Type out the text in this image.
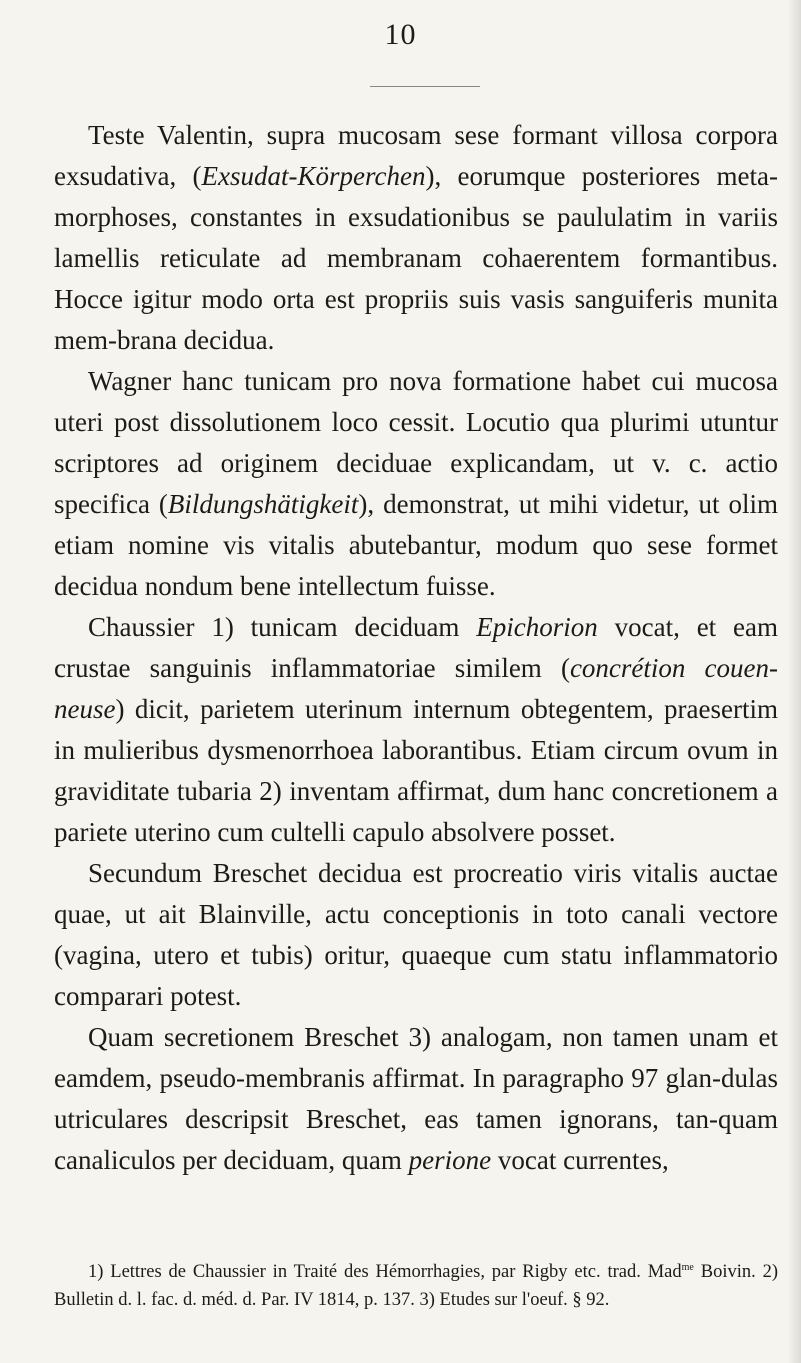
10

Teste Valentin, supra mucosam sese formant villosa corpora exsudativa, (Exsudat-Körperchen), eorumque posteriores meta-morphoses, constantes in exsudationibus se paululatim in variis lamellis reticulate ad membranam cohaerentem formantibus. Hocce igitur modo orta est propriis suis vasis sanguiferis munita mem-brana decidua.

Wagner hanc tunicam pro nova formatione habet cui mucosa uteri post dissolutionem loco cessit. Locutio qua plurimi utuntur scriptores ad originem deciduae explicandam, ut v. c. actio specifica (Bildungshätigkeit), demonstrat, ut mihi videtur, ut olim etiam nomine vis vitalis abutebantur, modum quo sese formet decidua nondum bene intellectum fuisse.

Chaussier 1) tunicam deciduam Epichorion vocat, et eam crustae sanguinis inflammatoriae similem (concrétion couen-neuse) dicit, parietem uterinum internum obtegentem, praesertim in mulieribus dysmenorrhoea laborantibus. Etiam circum ovum in graviditate tubaria 2) inventam affirmat, dum hanc concretionem a pariete uterino cum cultelli capulo absolvere posset.

Secundum Breschet decidua est procreatio viris vitalis auctae quae, ut ait Blainville, actu conceptionis in toto canali vectore (vagina, utero et tubis) oritur, quaeque cum statu inflammatorio comparari potest.

Quam secretionem Breschet 3) analogam, non tamen unam et eamdem, pseudo-membranis affirmat. In paragrapho 97 glan-dulas utriculares descripsit Breschet, eas tamen ignorans, tan-quam canaliculos per deciduam, quam perione vocat currentes,

1) Lettres de Chaussier in Traité des Hémorrhagies, par Rigby etc. trad. Mad$^{me}$ Boivin. 2) Bulletin d. l. fac. d. méd. d. Par. IV 1814, p. 137. 3) Etudes sur l'oeuf. § 92.
